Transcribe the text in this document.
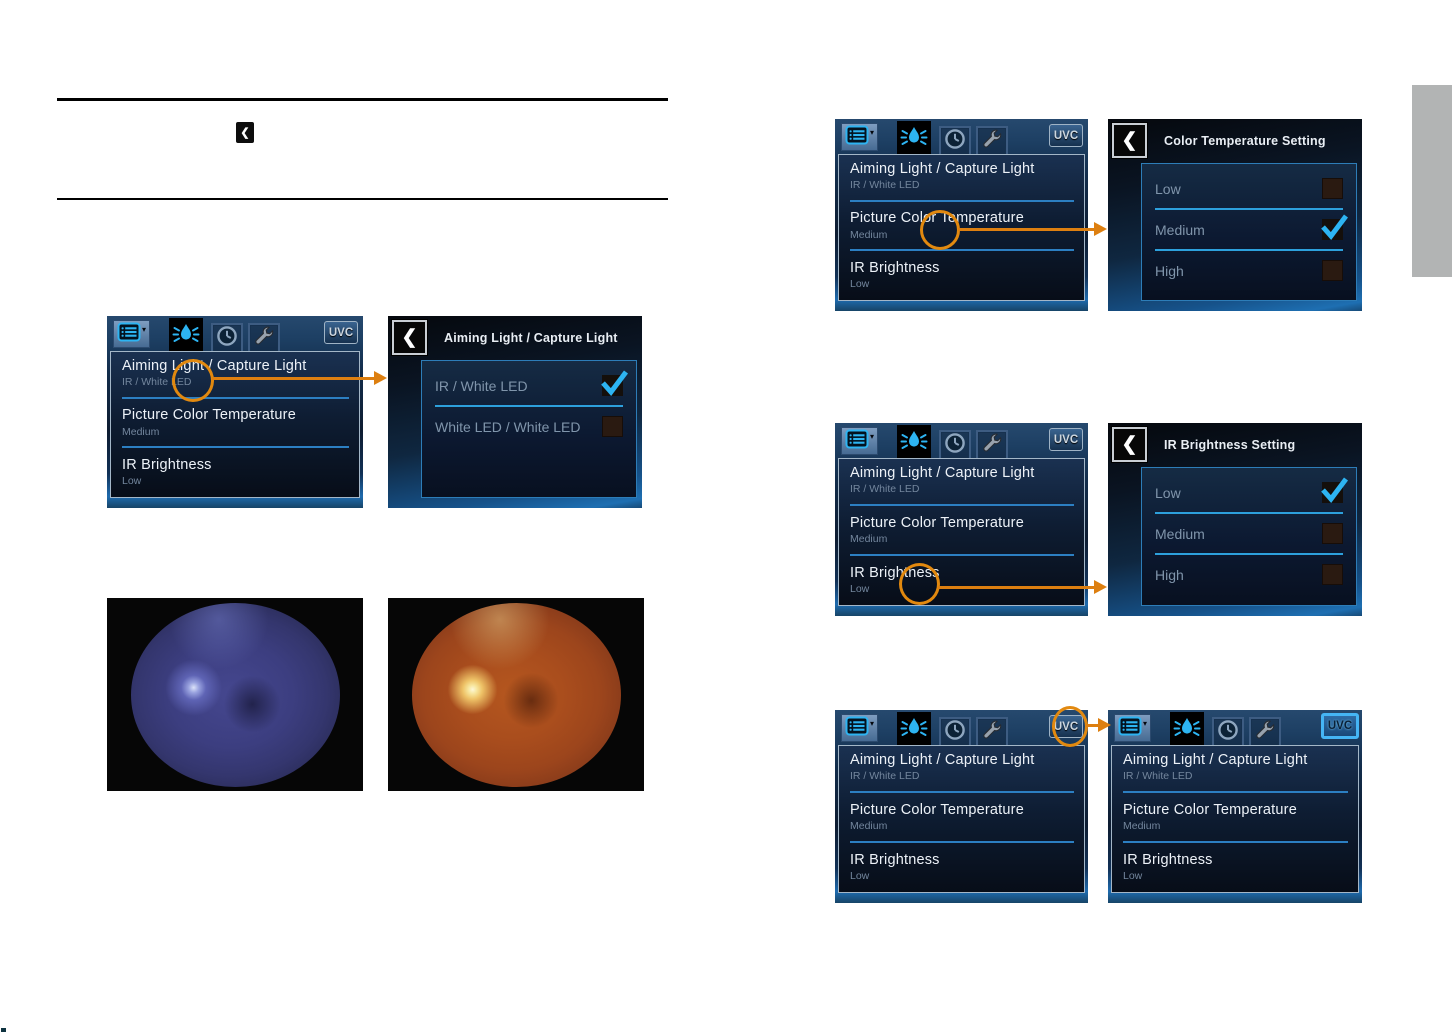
❮
▾	UVC
Aiming Light / Capture Light
IR / White LED
Picture Color Temperature
Medium
IR Brightness
Low
❮ Aiming Light / Capture Light
IR / White LED
White LED / White LED
▾	UVC
Aiming Light / Capture Light
IR / White LED
Picture Color Temperature
Medium
IR Brightness
Low
❮ Color Temperature Setting
Low
Medium
High
▾	UVC
Aiming Light / Capture Light
IR / White LED
Picture Color Temperature
Medium
IR Brightness
Low
❮ IR Brightness Setting
Low
Medium
High
▾	UVC
Aiming Light / Capture Light
IR / White LED
Picture Color Temperature
Medium
IR Brightness
Low
▾	UVC
Aiming Light / Capture Light
IR / White LED
Picture Color Temperature
Medium
IR Brightness
Low
